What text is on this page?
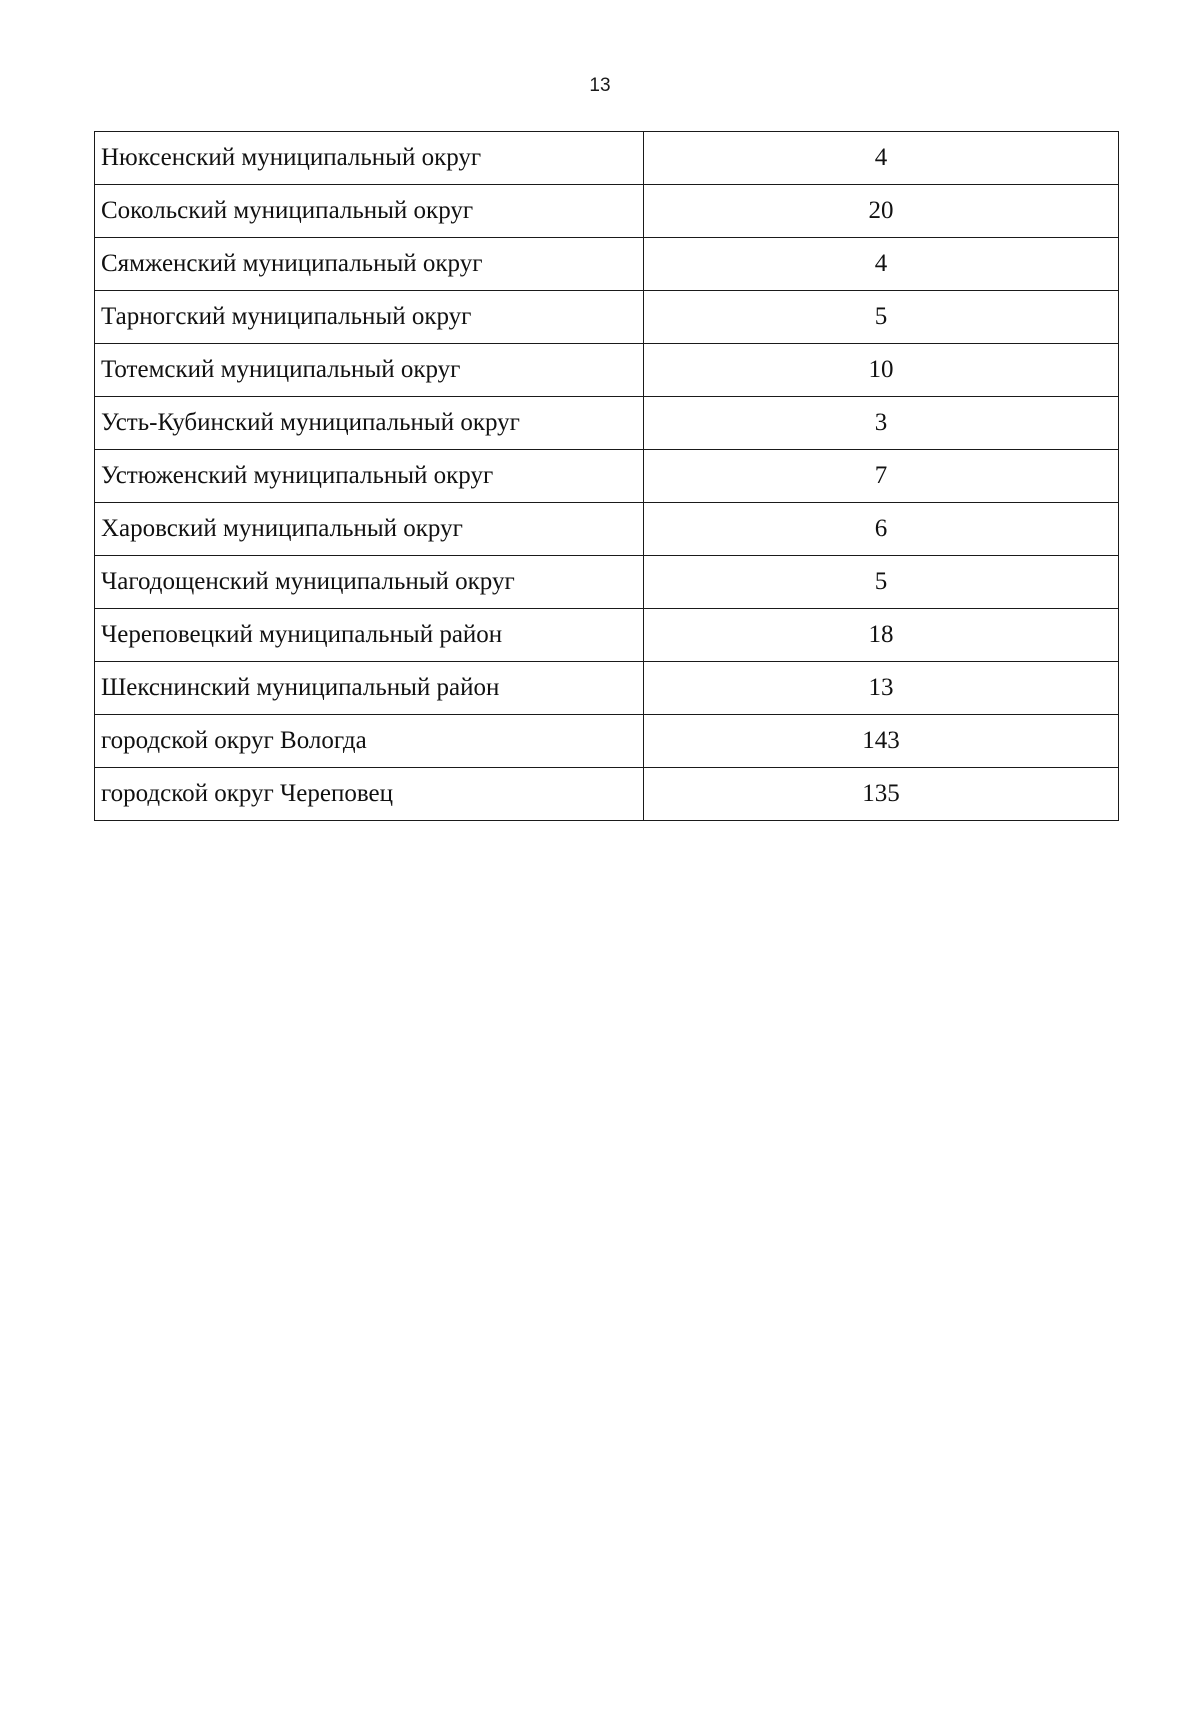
13
Нюксенский муниципальный округ	4
Сокольский муниципальный округ	20
Сямженский муниципальный округ	4
Тарногский муниципальный округ	5
Тотемский муниципальный округ	10
Усть-Кубинский муниципальный округ	3
Устюженский муниципальный округ	7
Харовский муниципальный округ	6
Чагодощенский муниципальный округ	5
Череповецкий муниципальный район	18
Шекснинский муниципальный район	13
городской округ Вологда	143
городской округ Череповец	135
